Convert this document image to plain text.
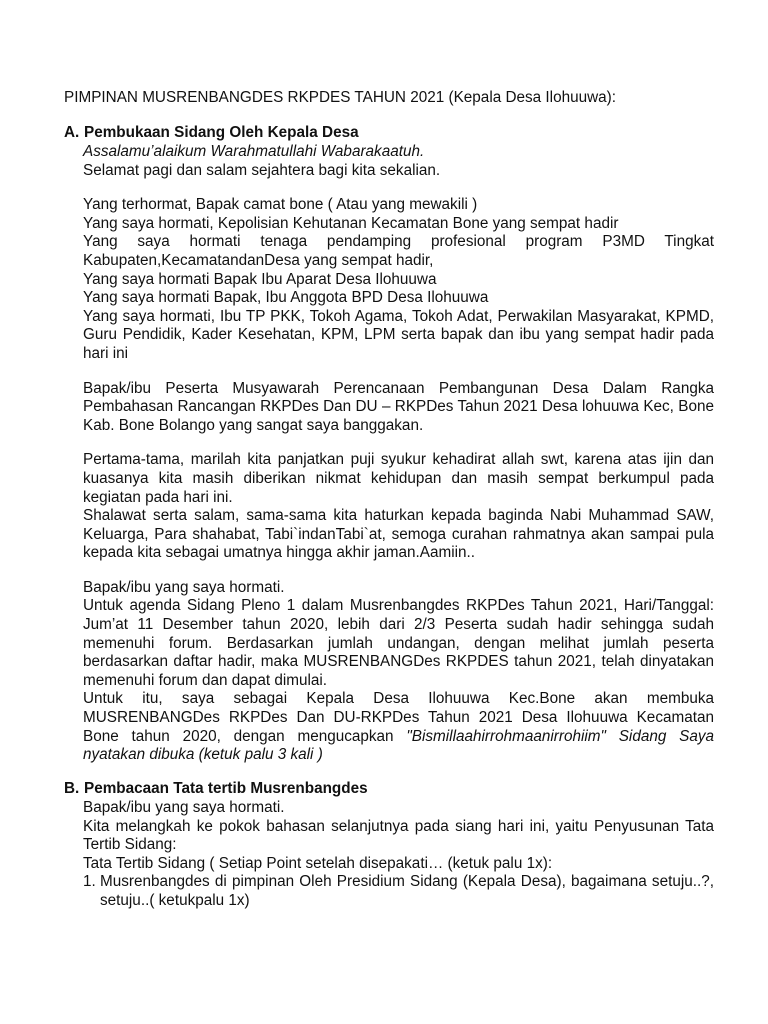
PIMPINAN MUSRENBANGDES RKPDES TAHUN 2021 (Kepala Desa Ilohuuwa):
A. Pembukaan Sidang Oleh Kepala Desa

Assalamu’alaikum Warahmatullahi Wabarakaatuh.

Selamat pagi dan salam sejahtera bagi kita sekalian.

Yang terhormat, Bapak camat bone ( Atau yang mewakili )

Yang saya hormati, Kepolisian Kehutanan Kecamatan Bone yang sempat hadir

Yang saya hormati tenaga pendamping profesional program P3MD Tingkat Kabupaten,KecamatandanDesa yang sempat hadir,

Yang saya hormati Bapak Ibu Aparat Desa Ilohuuwa

Yang saya hormati Bapak, Ibu Anggota BPD Desa Ilohuuwa

Yang saya hormati, Ibu TP PKK, Tokoh Agama, Tokoh Adat, Perwakilan Masyarakat, KPMD, Guru Pendidik, Kader Kesehatan, KPM, LPM serta bapak dan ibu yang sempat hadir pada hari ini

Bapak/ibu Peserta Musyawarah Perencanaan Pembangunan Desa Dalam Rangka Pembahasan Rancangan RKPDes Dan DU – RKPDes Tahun 2021 Desa lohuuwa Kec, Bone Kab. Bone Bolango yang sangat saya banggakan.

Pertama-tama, marilah kita panjatkan puji syukur kehadirat allah swt, karena atas ijin dan kuasanya kita masih diberikan nikmat kehidupan dan masih sempat berkumpul pada kegiatan pada hari ini.

Shalawat serta salam, sama-sama kita haturkan kepada baginda Nabi Muhammad SAW, Keluarga, Para shahabat, Tabi`indanTabi`at, semoga curahan rahmatnya akan sampai pula kepada kita sebagai umatnya hingga akhir jaman.Aamiin..

Bapak/ibu yang saya hormati.

Untuk agenda Sidang Pleno 1 dalam Musrenbangdes RKPDes Tahun 2021, Hari/Tanggal: Jum’at 11 Desember tahun 2020, lebih dari 2/3 Peserta sudah hadir sehingga sudah memenuhi forum. Berdasarkan jumlah undangan, dengan melihat jumlah peserta berdasarkan daftar hadir, maka MUSRENBANGDes RKPDES tahun 2021, telah dinyatakan memenuhi forum dan dapat dimulai.

Untuk itu, saya sebagai Kepala Desa Ilohuuwa Kec.Bone akan membuka MUSRENBANGDes RKPDes Dan DU-RKPDes Tahun 2021 Desa Ilohuuwa Kecamatan Bone tahun 2020, dengan mengucapkan "Bismillaahirrohmaanirrohiim" Sidang Saya nyatakan dibuka (ketuk palu 3 kali )

B. Pembacaan Tata tertib Musrenbangdes

Bapak/ibu yang saya hormati.

Kita melangkah ke pokok bahasan selanjutnya pada siang hari ini, yaitu Penyusunan Tata Tertib Sidang:

Tata Tertib Sidang ( Setiap Point setelah disepakati… (ketuk palu 1x):

1. Musrenbangdes di pimpinan Oleh Presidium Sidang (Kepala Desa), bagaimana setuju..?, setuju..( ketukpalu 1x)
